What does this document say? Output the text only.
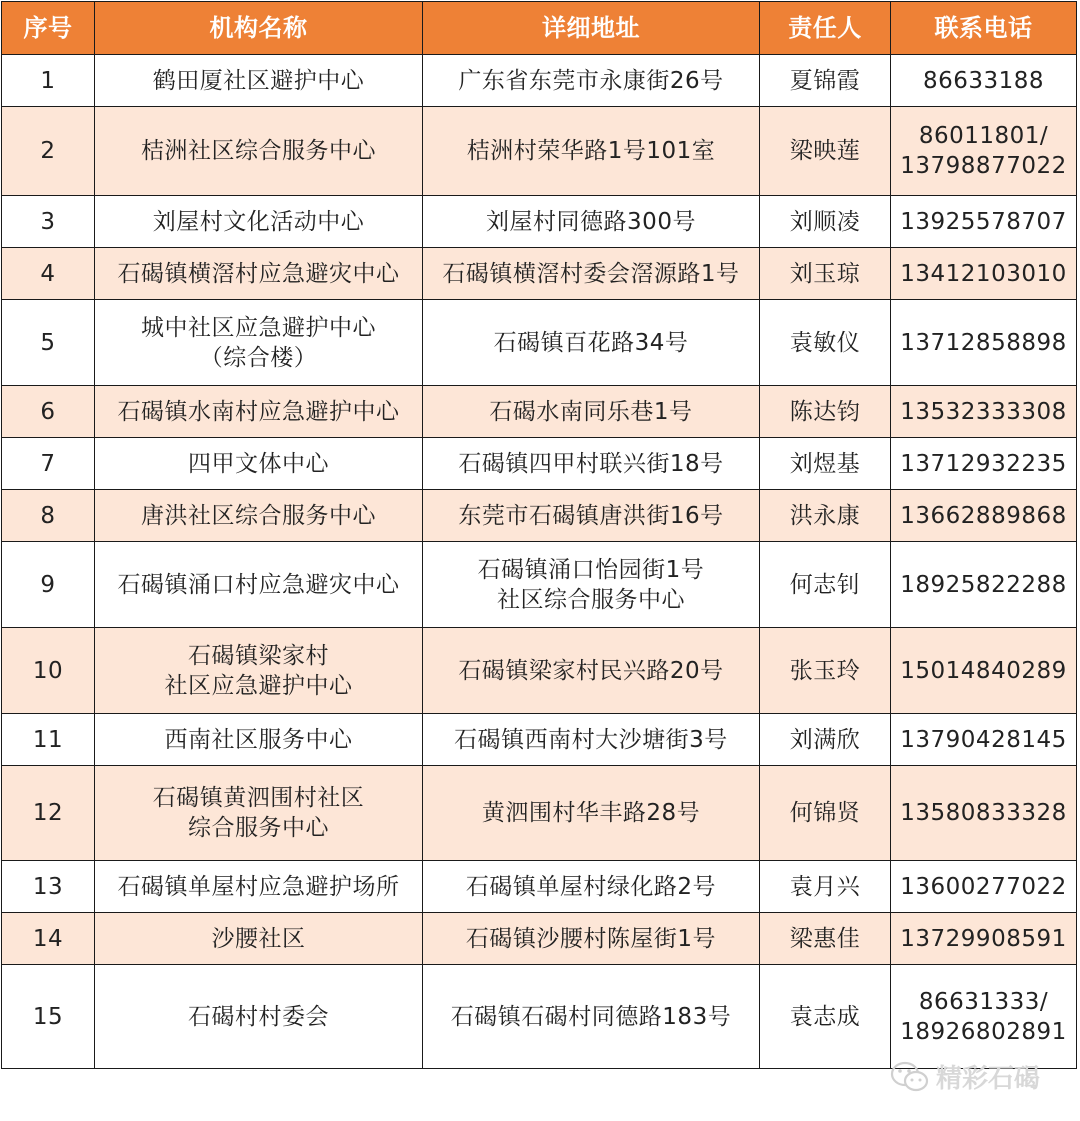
序号	机构名称	详细地址	责任人	联系电话
1	鹤田厦社区避护中心	广东省东莞市永康街26号	夏锦霞	86633188
2	桔洲社区综合服务中心	桔洲村荣华路1号101室	梁映莲	86011801/
13798877022
3	刘屋村文化活动中心	刘屋村同德路300号	刘顺凌	13925578707
4	石碣镇横滘村应急避灾中心	石碣镇横滘村委会滘源路1号	刘玉琼	13412103010
5	城中社区应急避护中心
（综合楼）	石碣镇百花路34号	袁敏仪	13712858898
6	石碣镇水南村应急避护中心	石碣水南同乐巷1号	陈达钧	13532333308
7	四甲文体中心	石碣镇四甲村联兴街18号	刘煜基	13712932235
8	唐洪社区综合服务中心	东莞市石碣镇唐洪街16号	洪永康	13662889868
9	石碣镇涌口村应急避灾中心	石碣镇涌口怡园街1号
社区综合服务中心	何志钊	18925822288
10	石碣镇梁家村
社区应急避护中心	石碣镇梁家村民兴路20号	张玉玲	15014840289
11	西南社区服务中心	石碣镇西南村大沙塘街3号	刘满欣	13790428145
12	石碣镇黄泗围村社区
综合服务中心	黄泗围村华丰路28号	何锦贤	13580833328
13	石碣镇单屋村应急避护场所	石碣镇单屋村绿化路2号	袁月兴	13600277022
14	沙腰社区	石碣镇沙腰村陈屋街1号	梁惠佳	13729908591
15	石碣村村委会	石碣镇石碣村同德路183号	袁志成	86631333/
18926802891
精彩石碣
